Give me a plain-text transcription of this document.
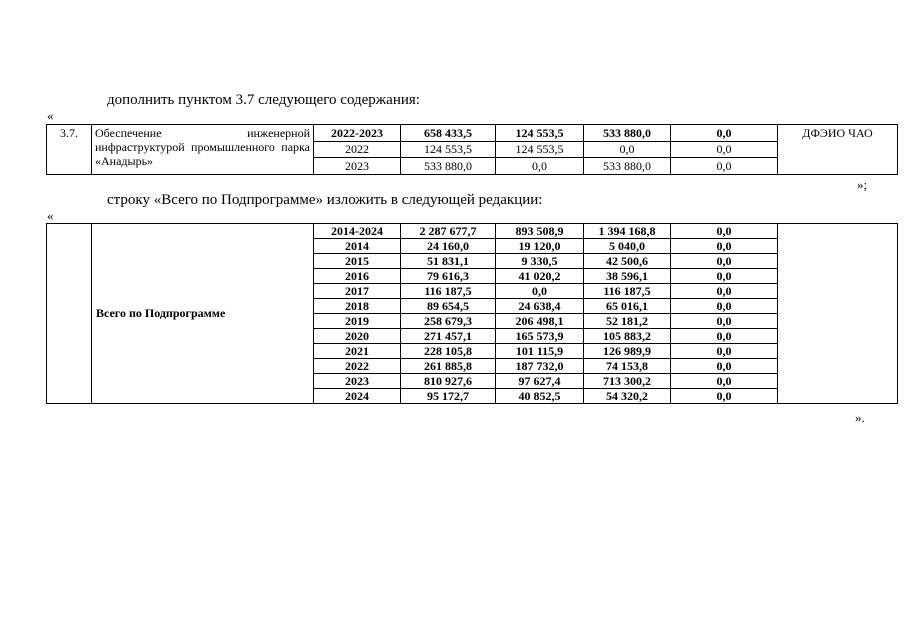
дополнить пунктом 3.7 следующего содержания:
«
3.7.	Обеспечение инженерной инфраструктурой промышленного парка «Анадырь»	2022-2023	658 433,5	124 553,5	533 880,0	0,0	ДФЭИО ЧАО
		2022	124 553,5	124 553,5	0,0	0,0	
		2023	533 880,0	0,0	533 880,0	0,0	
»;
строку «Всего по Подпрограмме» изложить в следующей редакции:
«
	Всего по Подпрограмме	2014-2024	2 287 677,7	893 508,9	1 394 168,8	0,0	
		2014	24 160,0	19 120,0	5 040,0	0,0	
		2015	51 831,1	9 330,5	42 500,6	0,0	
		2016	79 616,3	41 020,2	38 596,1	0,0	
		2017	116 187,5	0,0	116 187,5	0,0	
		2018	89 654,5	24 638,4	65 016,1	0,0	
		2019	258 679,3	206 498,1	52 181,2	0,0	
		2020	271 457,1	165 573,9	105 883,2	0,0	
		2021	228 105,8	101 115,9	126 989,9	0,0	
		2022	261 885,8	187 732,0	74 153,8	0,0	
		2023	810 927,6	97 627,4	713 300,2	0,0	
		2024	95 172,7	40 852,5	54 320,2	0,0	
».
